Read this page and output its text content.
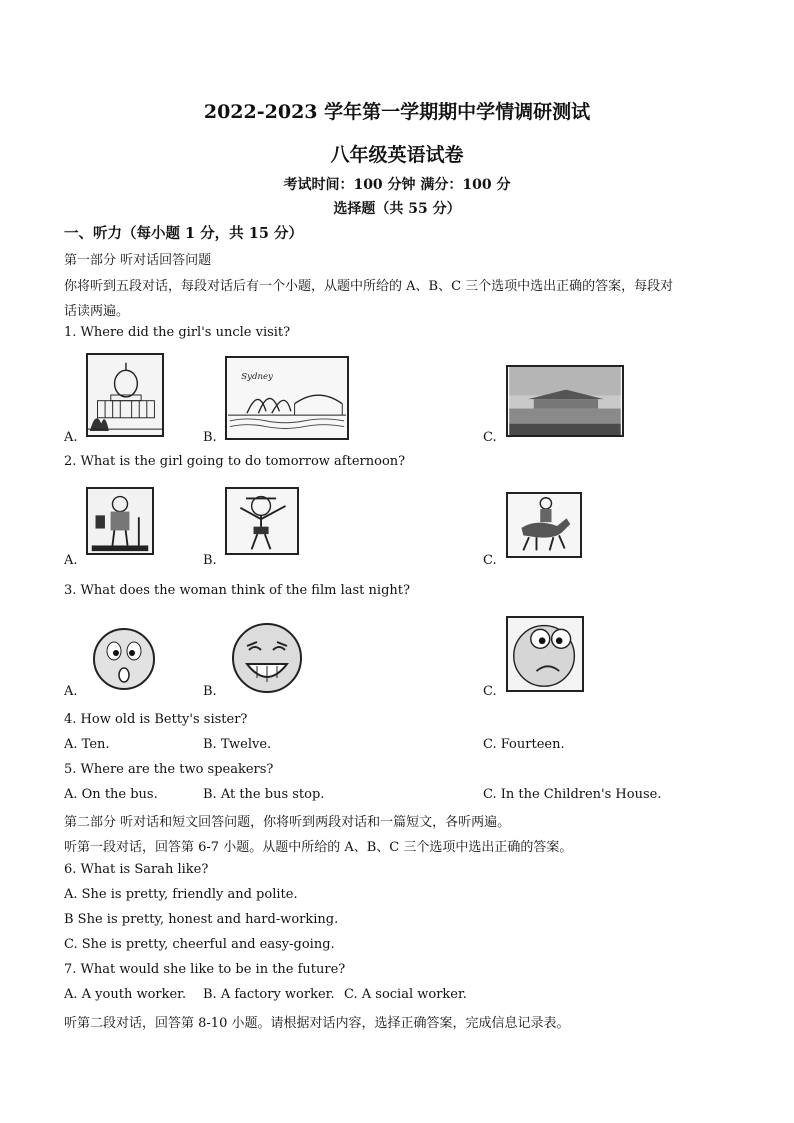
2022-2023 学年第一学期期中学情调研测试
八年级英语试卷
考试时间：100 分钟 满分：100 分
选择题（共 55 分）
一、听力（每小题 1 分，共 15 分）
第一部分 听对话回答问题
你将听到五段对话，每段对话后有一个小题，从题中所给的 A、B、C 三个选项中选出正确的答案，每段对
话读两遍。
1. Where did the girl's uncle visit?
A.	B.
Sydney
C.
2. What is the girl going to do tomorrow afternoon?
A.	B.	C.
3. What does the woman think of the film last night?
A.	B.	C.
4. How old is Betty's sister?
A. Ten.	B. Twelve.	C. Fourteen.
5. Where are the two speakers?
A. On the bus.	B. At the bus stop.	C. In the Children's House.
第二部分 听对话和短文回答问题，你将听到两段对话和一篇短文，各听两遍。
听第一段对话，回答第 6-7 小题。从题中所给的 A、B、C 三个选项中选出正确的答案。
6. What is Sarah like?
A. She is pretty, friendly and polite.
B She is pretty, honest and hard-working.
C. She is pretty, cheerful and easy-going.
7. What would she like to be in the future?
A. A youth worker. B. A factory worker. C. A social worker.
听第二段对话，回答第 8-10 小题。请根据对话内容，选择正确答案，完成信息记录表。
